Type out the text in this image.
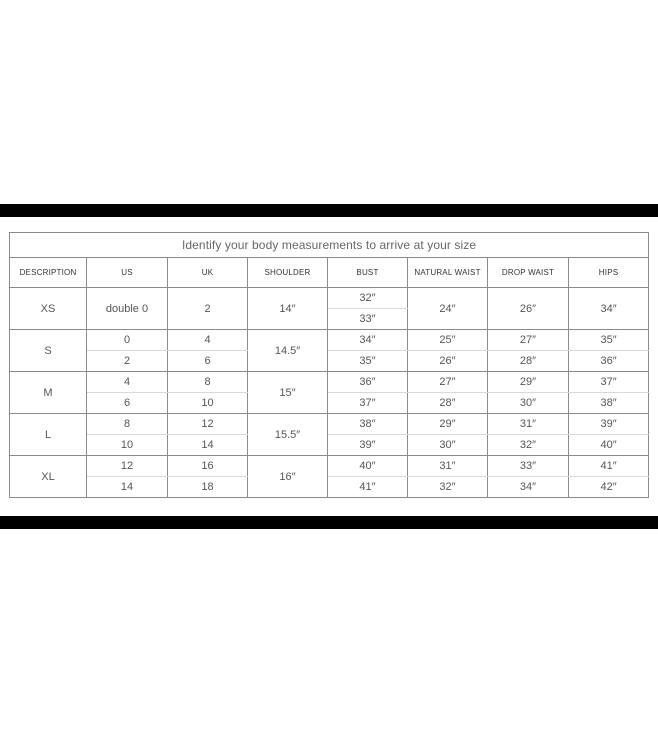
Identify your body measurements to arrive at your size							
DESCRIPTION	US	UK	SHOULDER	BUST	NATURAL WAIST	DROP WAIST	HIPS
XS	double 0	2	14″	32″	24″	26″	34″
				33″			
S	0	4	14.5″	34″	25″	27″	35″
	2	6		35″	26″	28″	36″
M	4	8	15″	36″	27″	29″	37″
	6	10		37″	28″	30″	38″
L	8	12	15.5″	38″	29″	31″	39″
	10	14		39″	30″	32″	40″
XL	12	16	16″	40″	31″	33″	41″
	14	18		41″	32″	34″	42″
